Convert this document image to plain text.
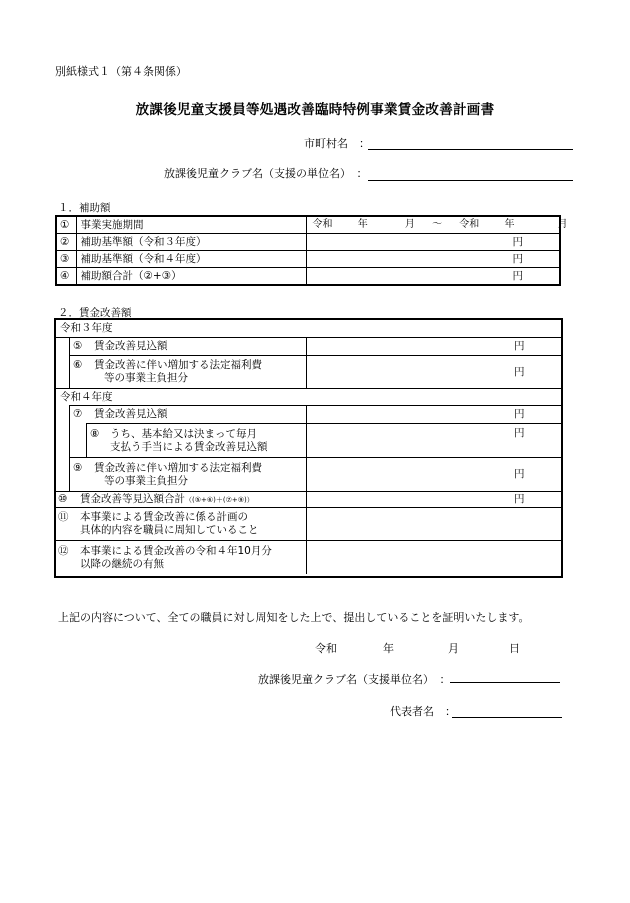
別紙様式１（第４条関係）
放課後児童支援員等処遇改善臨時特例事業賃金改善計画書
市町村名　：
放課後児童クラブ名（支援の単位名）　：
１．補助額
①	事業実施期間	令和 年 月 ～ 令和 年 月
②	補助基準額（令和３年度）	円
③	補助基準額（令和４年度）	円
④	補助額合計（②+③）	円
２．賃金改善額
令和３年度
⑤ 賃金改善見込額	円
⑥ 賃金改善に伴い増加する法定福利費
等の事業主負担分	円
令和４年度
⑦ 賃金改善見込額	円
⑧ うち、基本給又は決まって毎月
支払う手当による賃金改善見込額
円
⑨ 賃金改善に伴い増加する法定福利費
等の事業主負担分
円
⑩ 賃金改善等見込額合計（(⑤+⑥)＋(⑦+⑨)）	円
⑪ 本事業による賃金改善に係る計画の
具体的内容を職員に周知していること
⑫ 本事業による賃金改善の令和４年10月分
以降の継続の有無
上記の内容について、全ての職員に対し周知をした上で、提出していることを証明いたします。
令和	年	月	日
放課後児童クラブ名（支援単位名）　：
代表者名　：
